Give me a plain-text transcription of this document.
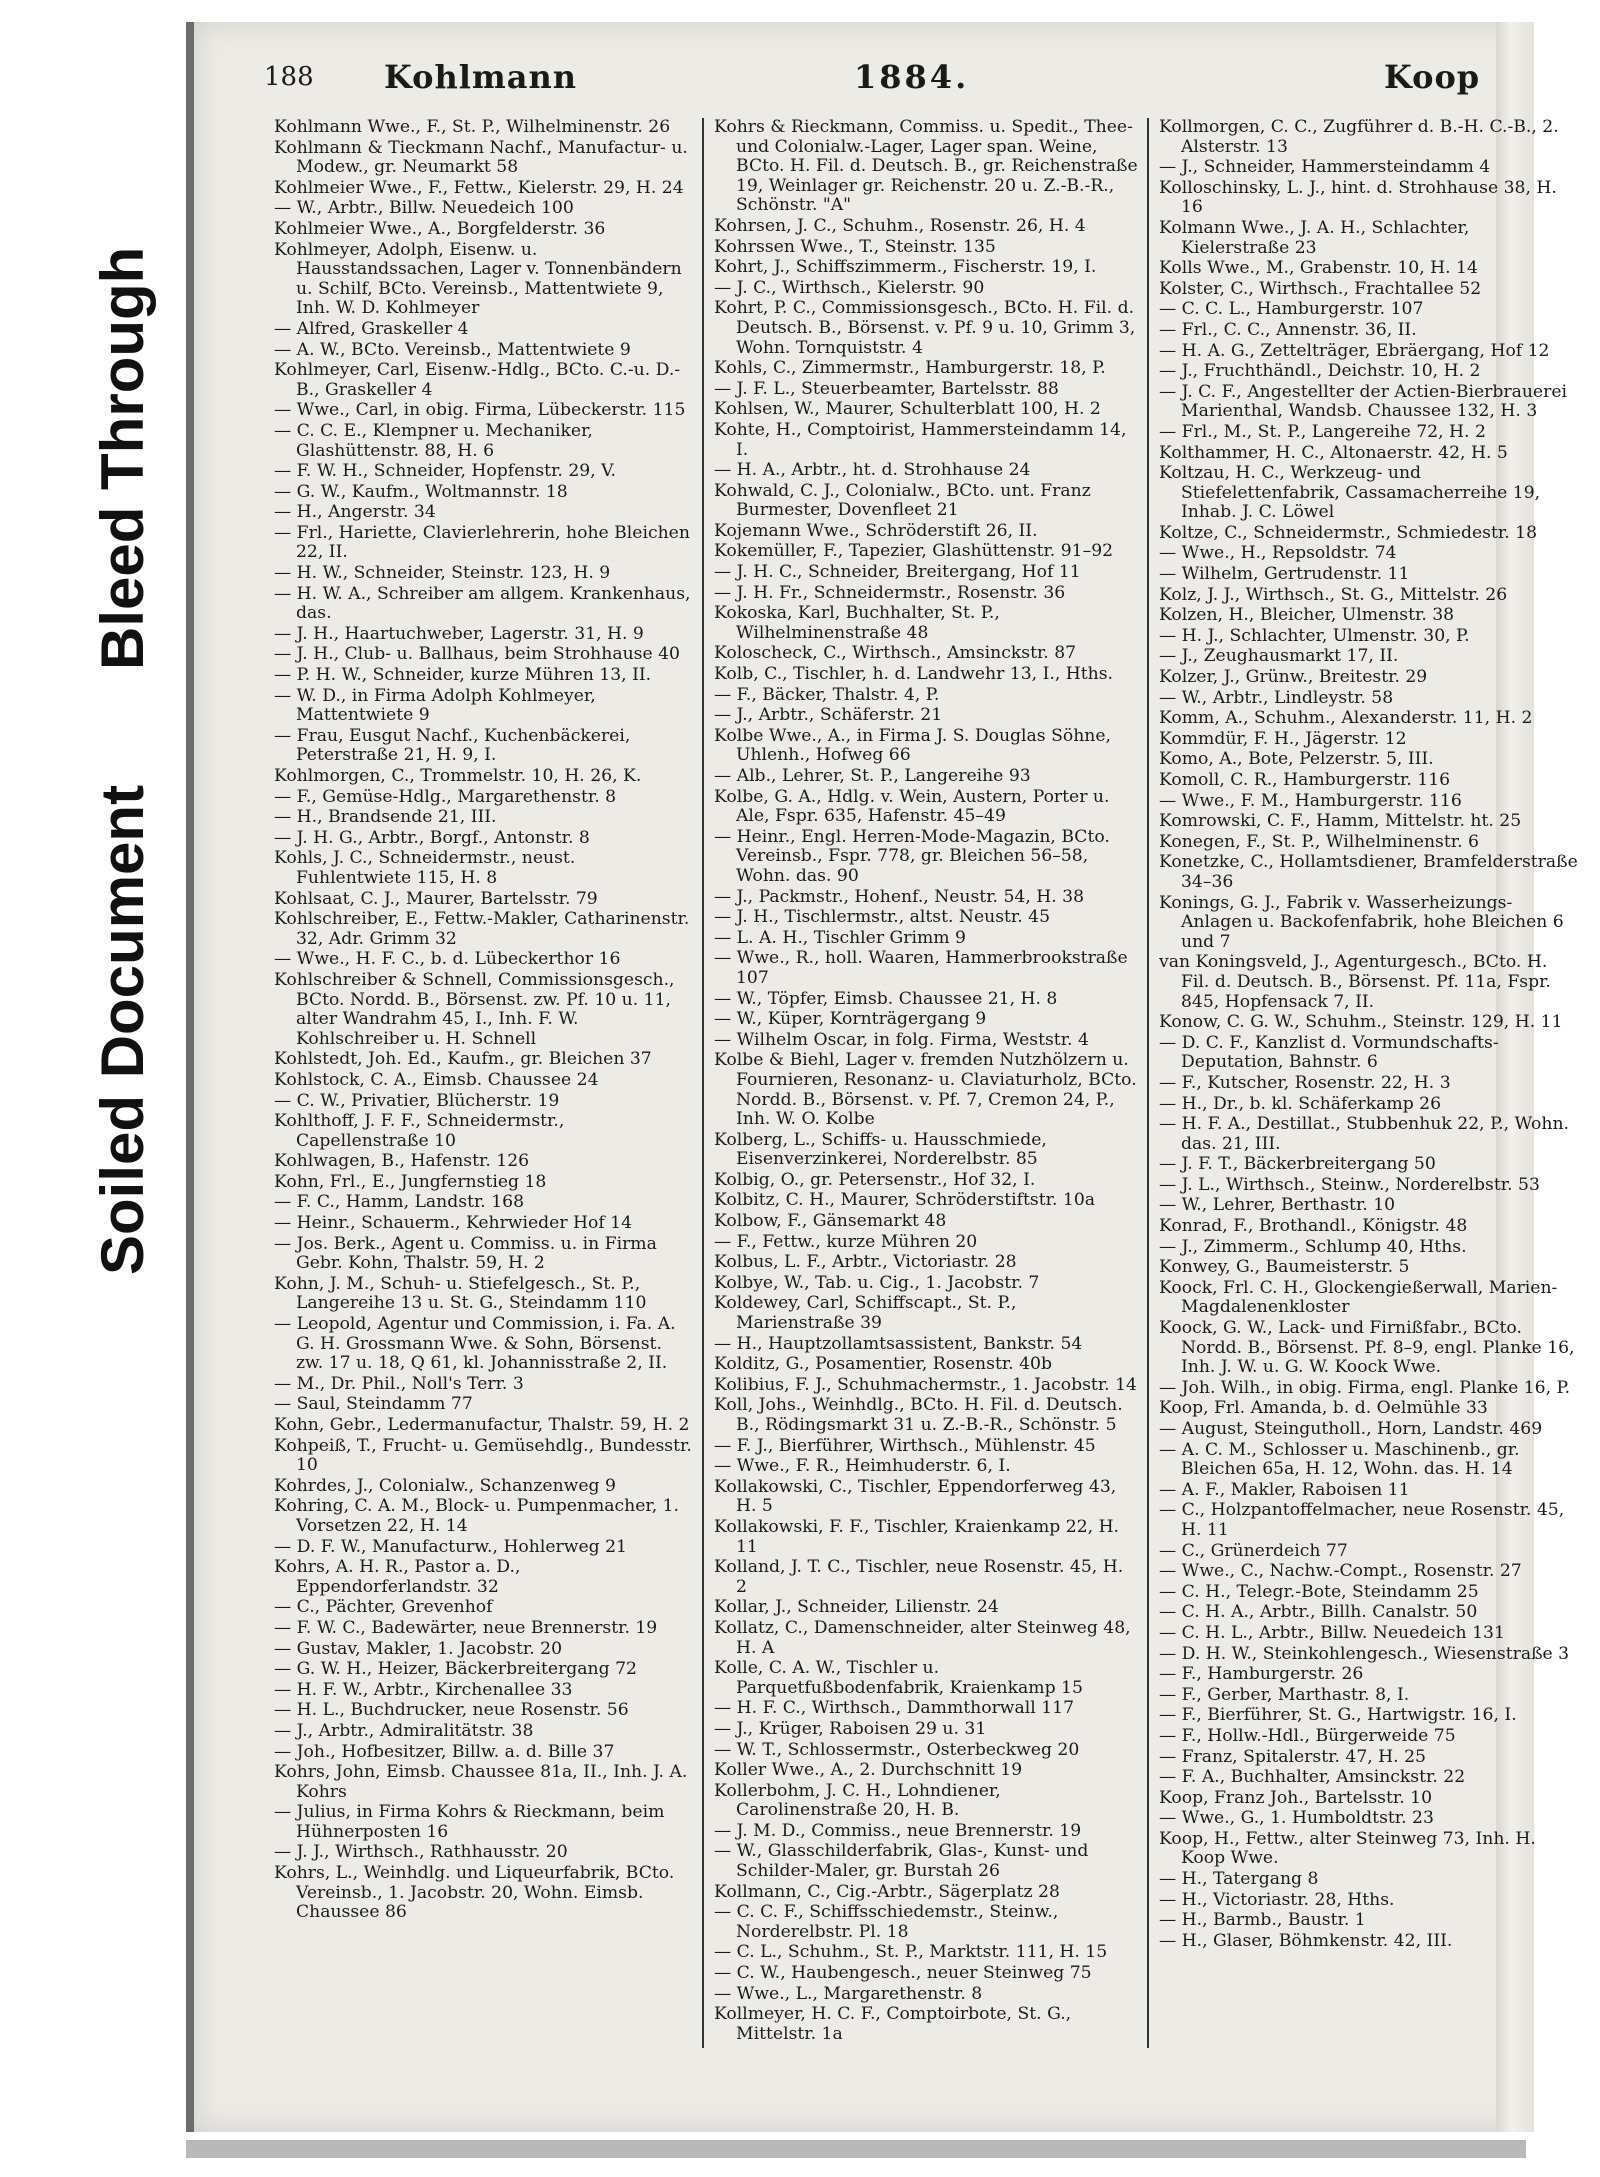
Bleed Through
Soiled Document
188 Kohlmann	1884.	Koop
Kohlmann Wwe., F., St. P., Wilhelminenstr. 26
Kohlmann & Tieckmann Nachf., Manufactur- u. Modew., gr. Neumarkt 58
Kohlmeier Wwe., F., Fettw., Kielerstr. 29, H. 24
— W., Arbtr., Billw. Neuedeich 100
Kohlmeier Wwe., A., Borgfelderstr. 36
Kohlmeyer, Adolph, Eisenw. u. Hausstandssachen, Lager v. Tonnenbändern u. Schilf, BCto. Vereinsb., Mattentwiete 9, Inh. W. D. Kohlmeyer
— Alfred, Graskeller 4
— A. W., BCto. Vereinsb., Mattentwiete 9
Kohlmeyer, Carl, Eisenw.-Hdlg., BCto. C.-u. D.-B., Graskeller 4
— Wwe., Carl, in obig. Firma, Lübeckerstr. 115
— C. C. E., Klempner u. Mechaniker, Glashüttenstr. 88, H. 6
— F. W. H., Schneider, Hopfenstr. 29, V.
— G. W., Kaufm., Woltmannstr. 18
— H., Angerstr. 34
— Frl., Hariette, Clavierlehrerin, hohe Bleichen 22, II.
— H. W., Schneider, Steinstr. 123, H. 9
— H. W. A., Schreiber am allgem. Krankenhaus, das.
— J. H., Haartuchweber, Lagerstr. 31, H. 9
— J. H., Club- u. Ballhaus, beim Strohhause 40
— P. H. W., Schneider, kurze Mühren 13, II.
— W. D., in Firma Adolph Kohlmeyer, Mattentwiete 9
— Frau, Eusgut Nachf., Kuchenbäckerei, Peterstraße 21, H. 9, I.
Kohlmorgen, C., Trommelstr. 10, H. 26, K.
— F., Gemüse-Hdlg., Margarethenstr. 8
— H., Brandsende 21, III.
— J. H. G., Arbtr., Borgf., Antonstr. 8
Kohls, J. C., Schneidermstr., neust. Fuhlentwiete 115, H. 8
Kohlsaat, C. J., Maurer, Bartelsstr. 79
Kohlschreiber, E., Fettw.-Makler, Catharinenstr. 32, Adr. Grimm 32
— Wwe., H. F. C., b. d. Lübeckerthor 16
Kohlschreiber & Schnell, Commissionsgesch., BCto. Nordd. B., Börsenst. zw. Pf. 10 u. 11, alter Wandrahm 45, I., Inh. F. W. Kohlschreiber u. H. Schnell
Kohlstedt, Joh. Ed., Kaufm., gr. Bleichen 37
Kohlstock, C. A., Eimsb. Chaussee 24
— C. W., Privatier, Blücherstr. 19
Kohlthoff, J. F. F., Schneidermstr., Capellenstraße 10
Kohlwagen, B., Hafenstr. 126
Kohn, Frl., E., Jungfernstieg 18
— F. C., Hamm, Landstr. 168
— Heinr., Schauerm., Kehrwieder Hof 14
— Jos. Berk., Agent u. Commiss. u. in Firma Gebr. Kohn, Thalstr. 59, H. 2
Kohn, J. M., Schuh- u. Stiefelgesch., St. P., Langereihe 13 u. St. G., Steindamm 110
— Leopold, Agentur und Commission, i. Fa. A. G. H. Grossmann Wwe. & Sohn, Börsenst. zw. 17 u. 18, Q 61, kl. Johannisstraße 2, II.
— M., Dr. Phil., Noll's Terr. 3
— Saul, Steindamm 77
Kohn, Gebr., Ledermanufactur, Thalstr. 59, H. 2
Kohpeiß, T., Frucht- u. Gemüsehdlg., Bundesstr. 10
Kohrdes, J., Colonialw., Schanzenweg 9
Kohring, C. A. M., Block- u. Pumpenmacher, 1. Vorsetzen 22, H. 14
— D. F. W., Manufacturw., Hohlerweg 21
Kohrs, A. H. R., Pastor a. D., Eppendorferlandstr. 32
— C., Pächter, Grevenhof
— F. W. C., Badewärter, neue Brennerstr. 19
— Gustav, Makler, 1. Jacobstr. 20
— G. W. H., Heizer, Bäckerbreitergang 72
— H. F. W., Arbtr., Kirchenallee 33
— H. L., Buchdrucker, neue Rosenstr. 56
— J., Arbtr., Admiralitätstr. 38
— Joh., Hofbesitzer, Billw. a. d. Bille 37
Kohrs, John, Eimsb. Chaussee 81a, II., Inh. J. A. Kohrs
— Julius, in Firma Kohrs & Rieckmann, beim Hühnerposten 16
— J. J., Wirthsch., Rathhausstr. 20
Kohrs, L., Weinhdlg. und Liqueurfabrik, BCto. Vereinsb., 1. Jacobstr. 20, Wohn. Eimsb. Chaussee 86
Kohrs & Rieckmann, Commiss. u. Spedit., Thee- und Colonialw.-Lager, Lager span. Weine, BCto. H. Fil. d. Deutsch. B., gr. Reichenstraße 19, Weinlager gr. Reichenstr. 20 u. Z.-B.-R., Schönstr. "A"
Kohrsen, J. C., Schuhm., Rosenstr. 26, H. 4
Kohrssen Wwe., T., Steinstr. 135
Kohrt, J., Schiffszimmerm., Fischerstr. 19, I.
— J. C., Wirthsch., Kielerstr. 90
Kohrt, P. C., Commissionsgesch., BCto. H. Fil. d. Deutsch. B., Börsenst. v. Pf. 9 u. 10, Grimm 3, Wohn. Tornquiststr. 4
Kohls, C., Zimmermstr., Hamburgerstr. 18, P.
— J. F. L., Steuerbeamter, Bartelsstr. 88
Kohlsen, W., Maurer, Schulterblatt 100, H. 2
Kohte, H., Comptoirist, Hammersteindamm 14, I.
— H. A., Arbtr., ht. d. Strohhause 24
Kohwald, C. J., Colonialw., BCto. unt. Franz Burmester, Dovenfleet 21
Kojemann Wwe., Schröderstift 26, II.
Kokemüller, F., Tapezier, Glashüttenstr. 91–92
— J. H. C., Schneider, Breitergang, Hof 11
— J. H. Fr., Schneidermstr., Rosenstr. 36
Kokoska, Karl, Buchhalter, St. P., Wilhelminenstraße 48
Koloscheck, C., Wirthsch., Amsinckstr. 87
Kolb, C., Tischler, h. d. Landwehr 13, I., Hths.
— F., Bäcker, Thalstr. 4, P.
— J., Arbtr., Schäferstr. 21
Kolbe Wwe., A., in Firma J. S. Douglas Söhne, Uhlenh., Hofweg 66
— Alb., Lehrer, St. P., Langereihe 93
Kolbe, G. A., Hdlg. v. Wein, Austern, Porter u. Ale, Fspr. 635, Hafenstr. 45–49
— Heinr., Engl. Herren-Mode-Magazin, BCto. Vereinsb., Fspr. 778, gr. Bleichen 56–58, Wohn. das. 90
— J., Packmstr., Hohenf., Neustr. 54, H. 38
— J. H., Tischlermstr., altst. Neustr. 45
— L. A. H., Tischler Grimm 9
— Wwe., R., holl. Waaren, Hammerbrookstraße 107
— W., Töpfer, Eimsb. Chaussee 21, H. 8
— W., Küper, Kornträgergang 9
— Wilhelm Oscar, in folg. Firma, Weststr. 4
Kolbe & Biehl, Lager v. fremden Nutzhölzern u. Fournieren, Resonanz- u. Claviaturholz, BCto. Nordd. B., Börsenst. v. Pf. 7, Cremon 24, P., Inh. W. O. Kolbe
Kolberg, L., Schiffs- u. Hausschmiede, Eisenverzinkerei, Norderelbstr. 85
Kolbig, O., gr. Petersenstr., Hof 32, I.
Kolbitz, C. H., Maurer, Schröderstiftstr. 10a
Kolbow, F., Gänsemarkt 48
— F., Fettw., kurze Mühren 20
Kolbus, L. F., Arbtr., Victoriastr. 28
Kolbye, W., Tab. u. Cig., 1. Jacobstr. 7
Koldewey, Carl, Schiffscapt., St. P., Marienstraße 39
— H., Hauptzollamtsassistent, Bankstr. 54
Kolditz, G., Posamentier, Rosenstr. 40b
Kolibius, F. J., Schuhmachermstr., 1. Jacobstr. 14
Koll, Johs., Weinhdlg., BCto. H. Fil. d. Deutsch. B., Rödingsmarkt 31 u. Z.-B.-R., Schönstr. 5
— F. J., Bierführer, Wirthsch., Mühlenstr. 45
— Wwe., F. R., Heimhuderstr. 6, I.
Kollakowski, C., Tischler, Eppendorferweg 43, H. 5
Kollakowski, F. F., Tischler, Kraienkamp 22, H. 11
Kolland, J. T. C., Tischler, neue Rosenstr. 45, H. 2
Kollar, J., Schneider, Lilienstr. 24
Kollatz, C., Damenschneider, alter Steinweg 48, H. A
Kolle, C. A. W., Tischler u. Parquetfußbodenfabrik, Kraienkamp 15
— H. F. C., Wirthsch., Dammthorwall 117
— J., Krüger, Raboisen 29 u. 31
— W. T., Schlossermstr., Osterbeckweg 20
Koller Wwe., A., 2. Durchschnitt 19
Kollerbohm, J. C. H., Lohndiener, Carolinenstraße 20, H. B.
— J. M. D., Commiss., neue Brennerstr. 19
— W., Glasschilderfabrik, Glas-, Kunst- und Schilder-Maler, gr. Burstah 26
Kollmann, C., Cig.-Arbtr., Sägerplatz 28
— C. C. F., Schiffsschiedemstr., Steinw., Norderelbstr. Pl. 18
— C. L., Schuhm., St. P., Marktstr. 111, H. 15
— C. W., Haubengesch., neuer Steinweg 75
— Wwe., L., Margarethenstr. 8
Kollmeyer, H. C. F., Comptoirbote, St. G., Mittelstr. 1a
Kollmorgen, C. C., Zugführer d. B.-H. C.-B., 2. Alsterstr. 13
— J., Schneider, Hammersteindamm 4
Kolloschinsky, L. J., hint. d. Strohhause 38, H. 16
Kolmann Wwe., J. A. H., Schlachter, Kielerstraße 23
Kolls Wwe., M., Grabenstr. 10, H. 14
Kolster, C., Wirthsch., Frachtallee 52
— C. C. L., Hamburgerstr. 107
— Frl., C. C., Annenstr. 36, II.
— H. A. G., Zettelträger, Ebräergang, Hof 12
— J., Fruchthändl., Deichstr. 10, H. 2
— J. C. F., Angestellter der Actien-Bierbrauerei Marienthal, Wandsb. Chaussee 132, H. 3
— Frl., M., St. P., Langereihe 72, H. 2
Kolthammer, H. C., Altonaerstr. 42, H. 5
Koltzau, H. C., Werkzeug- und Stiefelettenfabrik, Cassamacherreihe 19, Inhab. J. C. Löwel
Koltze, C., Schneidermstr., Schmiedestr. 18
— Wwe., H., Repsoldstr. 74
— Wilhelm, Gertrudenstr. 11
Kolz, J. J., Wirthsch., St. G., Mittelstr. 26
Kolzen, H., Bleicher, Ulmenstr. 38
— H. J., Schlachter, Ulmenstr. 30, P.
— J., Zeughausmarkt 17, II.
Kolzer, J., Grünw., Breitestr. 29
— W., Arbtr., Lindleystr. 58
Komm, A., Schuhm., Alexanderstr. 11, H. 2
Kommdür, F. H., Jägerstr. 12
Komo, A., Bote, Pelzerstr. 5, III.
Komoll, C. R., Hamburgerstr. 116
— Wwe., F. M., Hamburgerstr. 116
Komrowski, C. F., Hamm, Mittelstr. ht. 25
Konegen, F., St. P., Wilhelminenstr. 6
Konetzke, C., Hollamtsdiener, Bramfelderstraße 34–36
Konings, G. J., Fabrik v. Wasserheizungs-Anlagen u. Backofenfabrik, hohe Bleichen 6 und 7
van Koningsveld, J., Agenturgesch., BCto. H. Fil. d. Deutsch. B., Börsenst. Pf. 11a, Fspr. 845, Hopfensack 7, II.
Konow, C. G. W., Schuhm., Steinstr. 129, H. 11
— D. C. F., Kanzlist d. Vormundschafts-Deputation, Bahnstr. 6
— F., Kutscher, Rosenstr. 22, H. 3
— H., Dr., b. kl. Schäferkamp 26
— H. F. A., Destillat., Stubbenhuk 22, P., Wohn. das. 21, III.
— J. F. T., Bäckerbreitergang 50
— J. L., Wirthsch., Steinw., Norderelbstr. 53
— W., Lehrer, Berthastr. 10
Konrad, F., Brothandl., Königstr. 48
— J., Zimmerm., Schlump 40, Hths.
Konwey, G., Baumeisterstr. 5
Koock, Frl. C. H., Glockengießerwall, Marien-Magdalenenkloster
Koock, G. W., Lack- und Firnißfabr., BCto. Nordd. B., Börsenst. Pf. 8–9, engl. Planke 16, Inh. J. W. u. G. W. Koock Wwe.
— Joh. Wilh., in obig. Firma, engl. Planke 16, P.
Koop, Frl. Amanda, b. d. Oelmühle 33
— August, Steingutholl., Horn, Landstr. 469
— A. C. M., Schlosser u. Maschinenb., gr. Bleichen 65a, H. 12, Wohn. das. H. 14
— A. F., Makler, Raboisen 11
— C., Holzpantoffelmacher, neue Rosenstr. 45, H. 11
— C., Grünerdeich 77
— Wwe., C., Nachw.-Compt., Rosenstr. 27
— C. H., Telegr.-Bote, Steindamm 25
— C. H. A., Arbtr., Billh. Canalstr. 50
— C. H. L., Arbtr., Billw. Neuedeich 131
— D. H. W., Steinkohlengesch., Wiesenstraße 3
— F., Hamburgerstr. 26
— F., Gerber, Marthastr. 8, I.
— F., Bierführer, St. G., Hartwigstr. 16, I.
— F., Hollw.-Hdl., Bürgerweide 75
— Franz, Spitalerstr. 47, H. 25
— F. A., Buchhalter, Amsinckstr. 22
Koop, Franz Joh., Bartelsstr. 10
— Wwe., G., 1. Humboldtstr. 23
Koop, H., Fettw., alter Steinweg 73, Inh. H. Koop Wwe.
— H., Tatergang 8
— H., Victoriastr. 28, Hths.
— H., Barmb., Baustr. 1
— H., Glaser, Böhmkenstr. 42, III.
